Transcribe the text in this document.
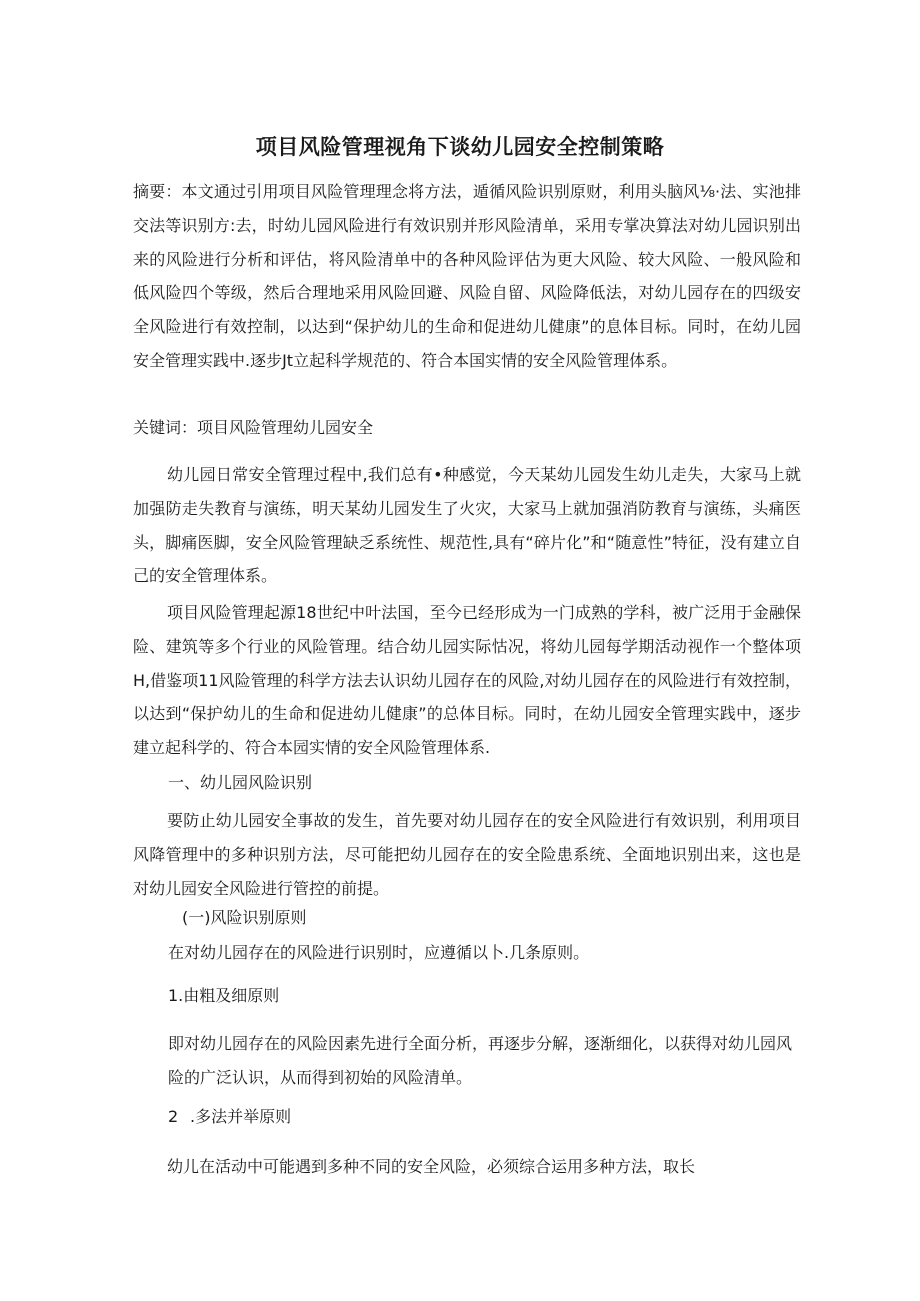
项目风险管理视角下谈幼儿园安全控制策略
摘要：本文通过引用项目风险管理理念将方法，遁循风险识别原财，利用头脑风⅛·法、实池排交法等识别方:去，时幼儿园风险进行有效识别并形风险清单，采用专掌决算法对幼儿园识别出来的风险进行分析和评估，将风险清单中的各种风险评估为更大风险、较大风险、一般风险和低风险四个等级，然后合理地采用风险回避、风险自留、风险降低法，对幼儿园存在的四级安全风险进行有效控制，以达到“保护幼儿的生命和促进幼儿健康”的息体目标。同时，在幼儿园安全管理实践中.逐步Jt立起科学规范的、符合本国实情的安全风险管理体系。
关键词：项目风险管理幼儿园安全
幼儿园日常安全管理过程中,我们总有•种感觉，今天某幼儿园发生幼儿走失，大家马上就加强防走失教育与演练，明天某幼儿园发生了火灾，大家马上就加强消防教育与演练，头痛医头，脚痛医脚，安全风险管理缺乏系统性、规范性,具有“碎片化”和“随意性”特征，没有建立自己的安全管理体系。
项目风险管理起源18世纪中叶法国，至今已经形成为一门成熟的学科，被广泛用于金融保险、建筑等多个行业的风险管理。结合幼儿园实际怙况，将幼儿园每学期活动视作一个整体项H,借鉴项11风险管理的科学方法去认识幼儿园存在的风险,对幼儿园存在的风险进行有效控制，以达到“保护幼儿的生命和促进幼儿健康”的总体目标。同时，在幼儿园安全管理实践中，逐步建立起科学的、符合本园实情的安全风险管理体系.
一、幼儿园风险识别
要防止幼儿园安全事故的发生，首先要对幼儿园存在的安全风险进行有效识别，利用项目风降管理中的多种识别方法，尽可能把幼儿园存在的安全险患系统、全面地识别出来，这也是对幼儿园安全风险进行管控的前提。
(一)风险识别原则
在对幼儿园存在的风险进行识别时，应遵循以卜.几条原则。
1.由粗及细原则
即对幼儿园存在的风险因素先进行全面分析，再逐步分解，逐渐细化，以获得对幼儿园风险的广泛认识，从而得到初始的风险清单。
2 .多法并举原则
幼儿在活动中可能遇到多种不同的安全风险，必须综合运用多种方法，取长
